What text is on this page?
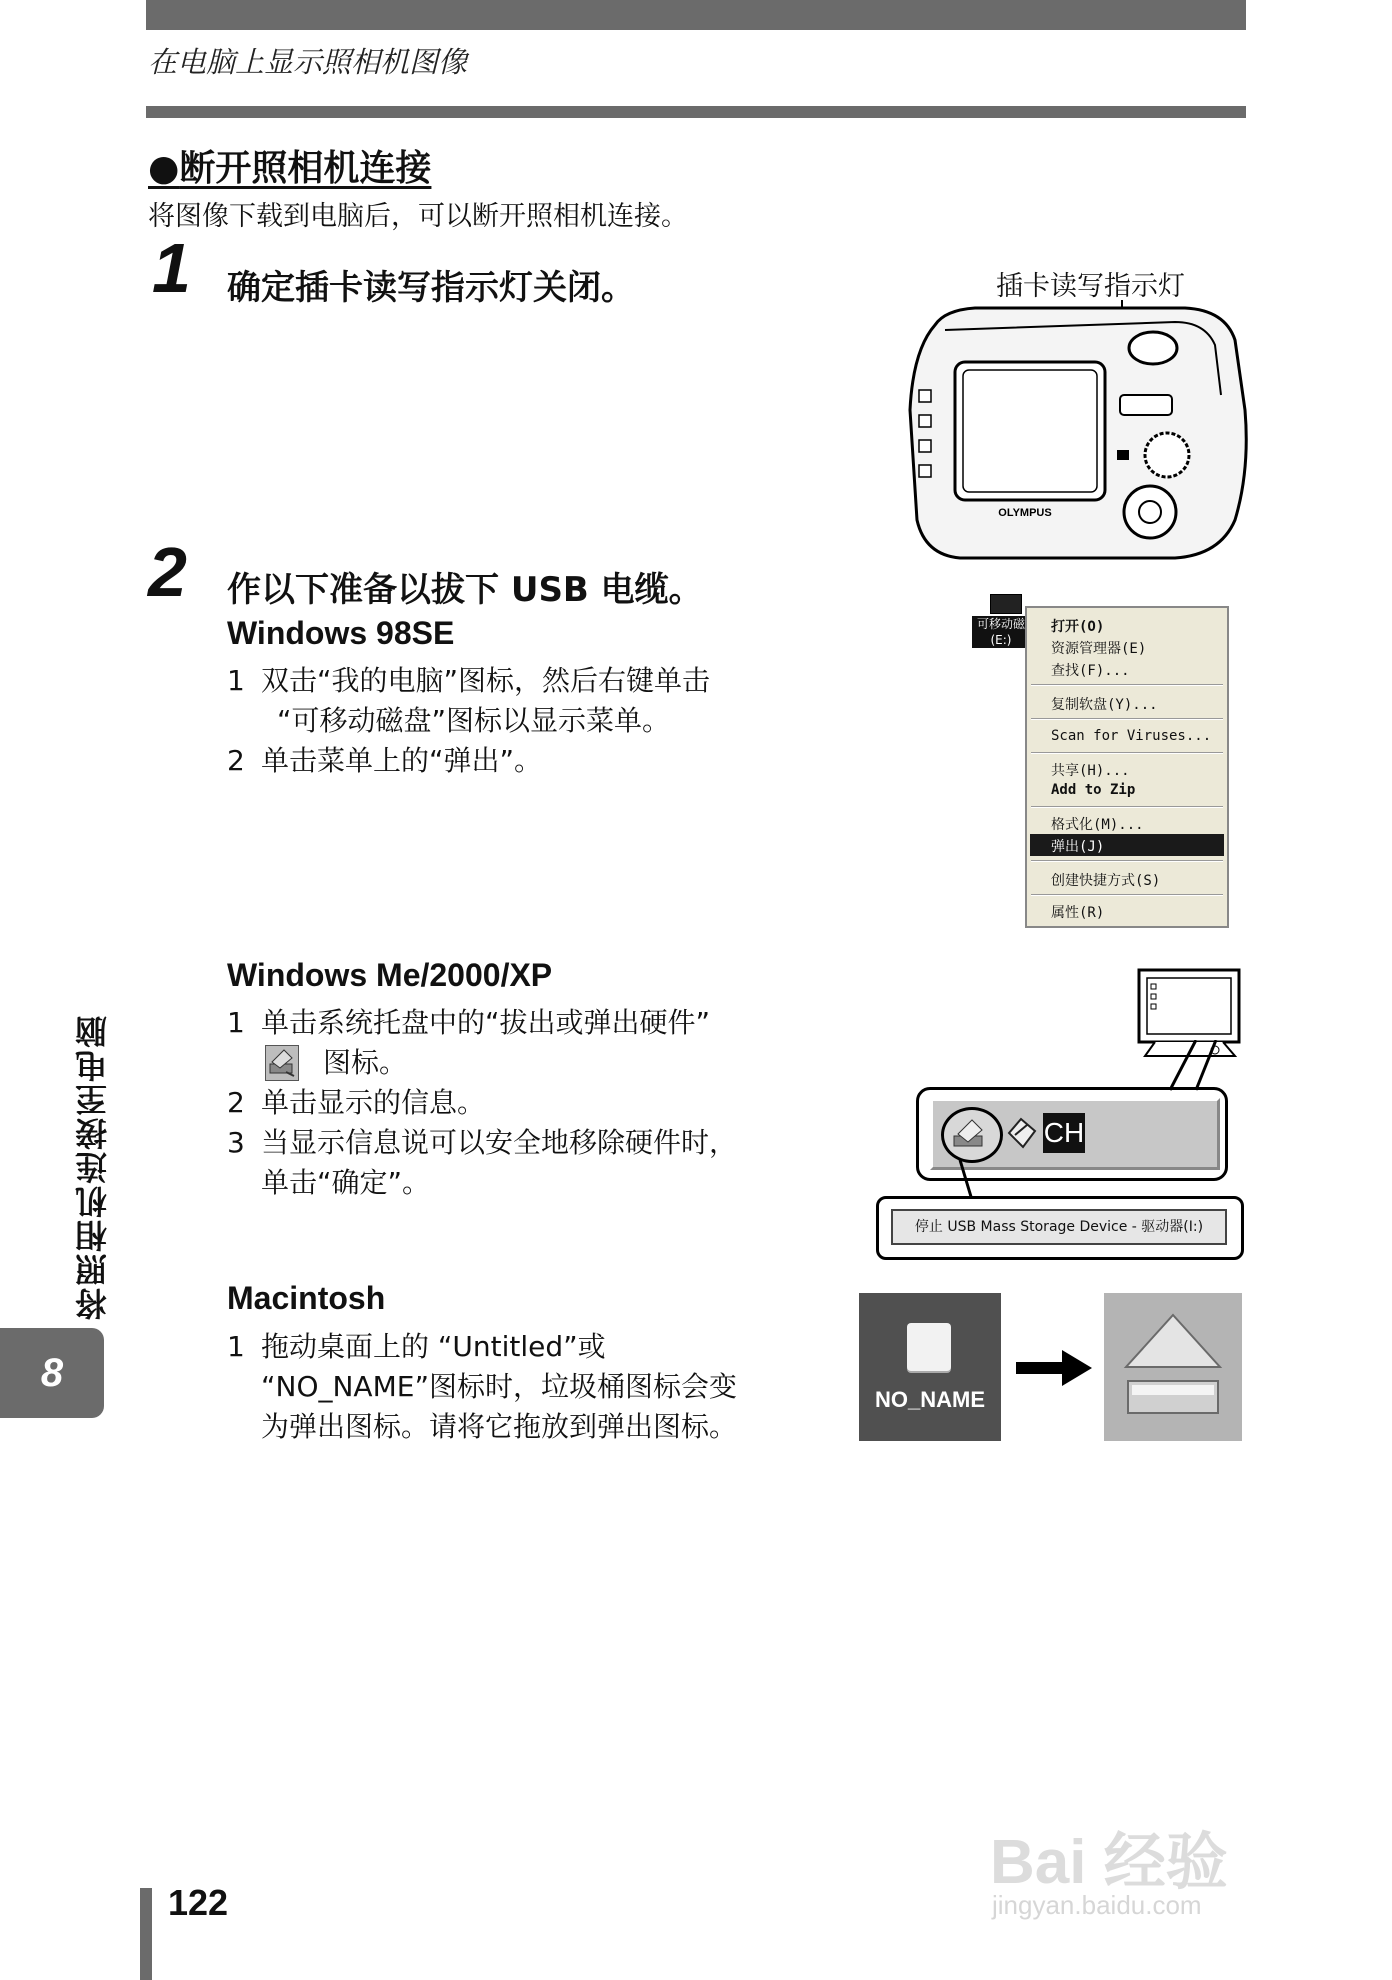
在电脑上显示照相机图像
●断开照相机连接
将图像下载到电脑后，可以断开照相机连接。
1 确定插卡读写指示灯关闭。	插卡读写指示灯
OLYMPUS
2 作以下准备以拔下 USB 电缆。
Windows 98SE
1 双击“我的电脑”图标，然后右键单击
“可移动磁盘”图标以显示菜单。
2 单击菜单上的“弹出”。
可移动磁
(E:)
打开(O)
资源管理器(E)
查找(F)...
复制软盘(Y)...
Scan for Viruses...
共享(H)...
Add to Zip
格式化(M)...
弹出(J)
创建快捷方式(S)
属性(R)
Windows Me/2000/XP
1 单击系统托盘中的“拔出或弹出硬件”
图标。
2 单击显示的信息。
3 当显示信息说可以安全地移除硬件时，
单击“确定”。
CH
停止 USB Mass Storage Device - 驱动器(I:)
Macintosh
1 拖动桌面上的 “Untitled”或
“NO_NAME”图标时，垃圾桶图标会变
为弹出图标。请将它拖放到弹出图标。
NO_NAME
将照相机连接至电脑
8
122
Bai 经验
jingyan.baidu.com
